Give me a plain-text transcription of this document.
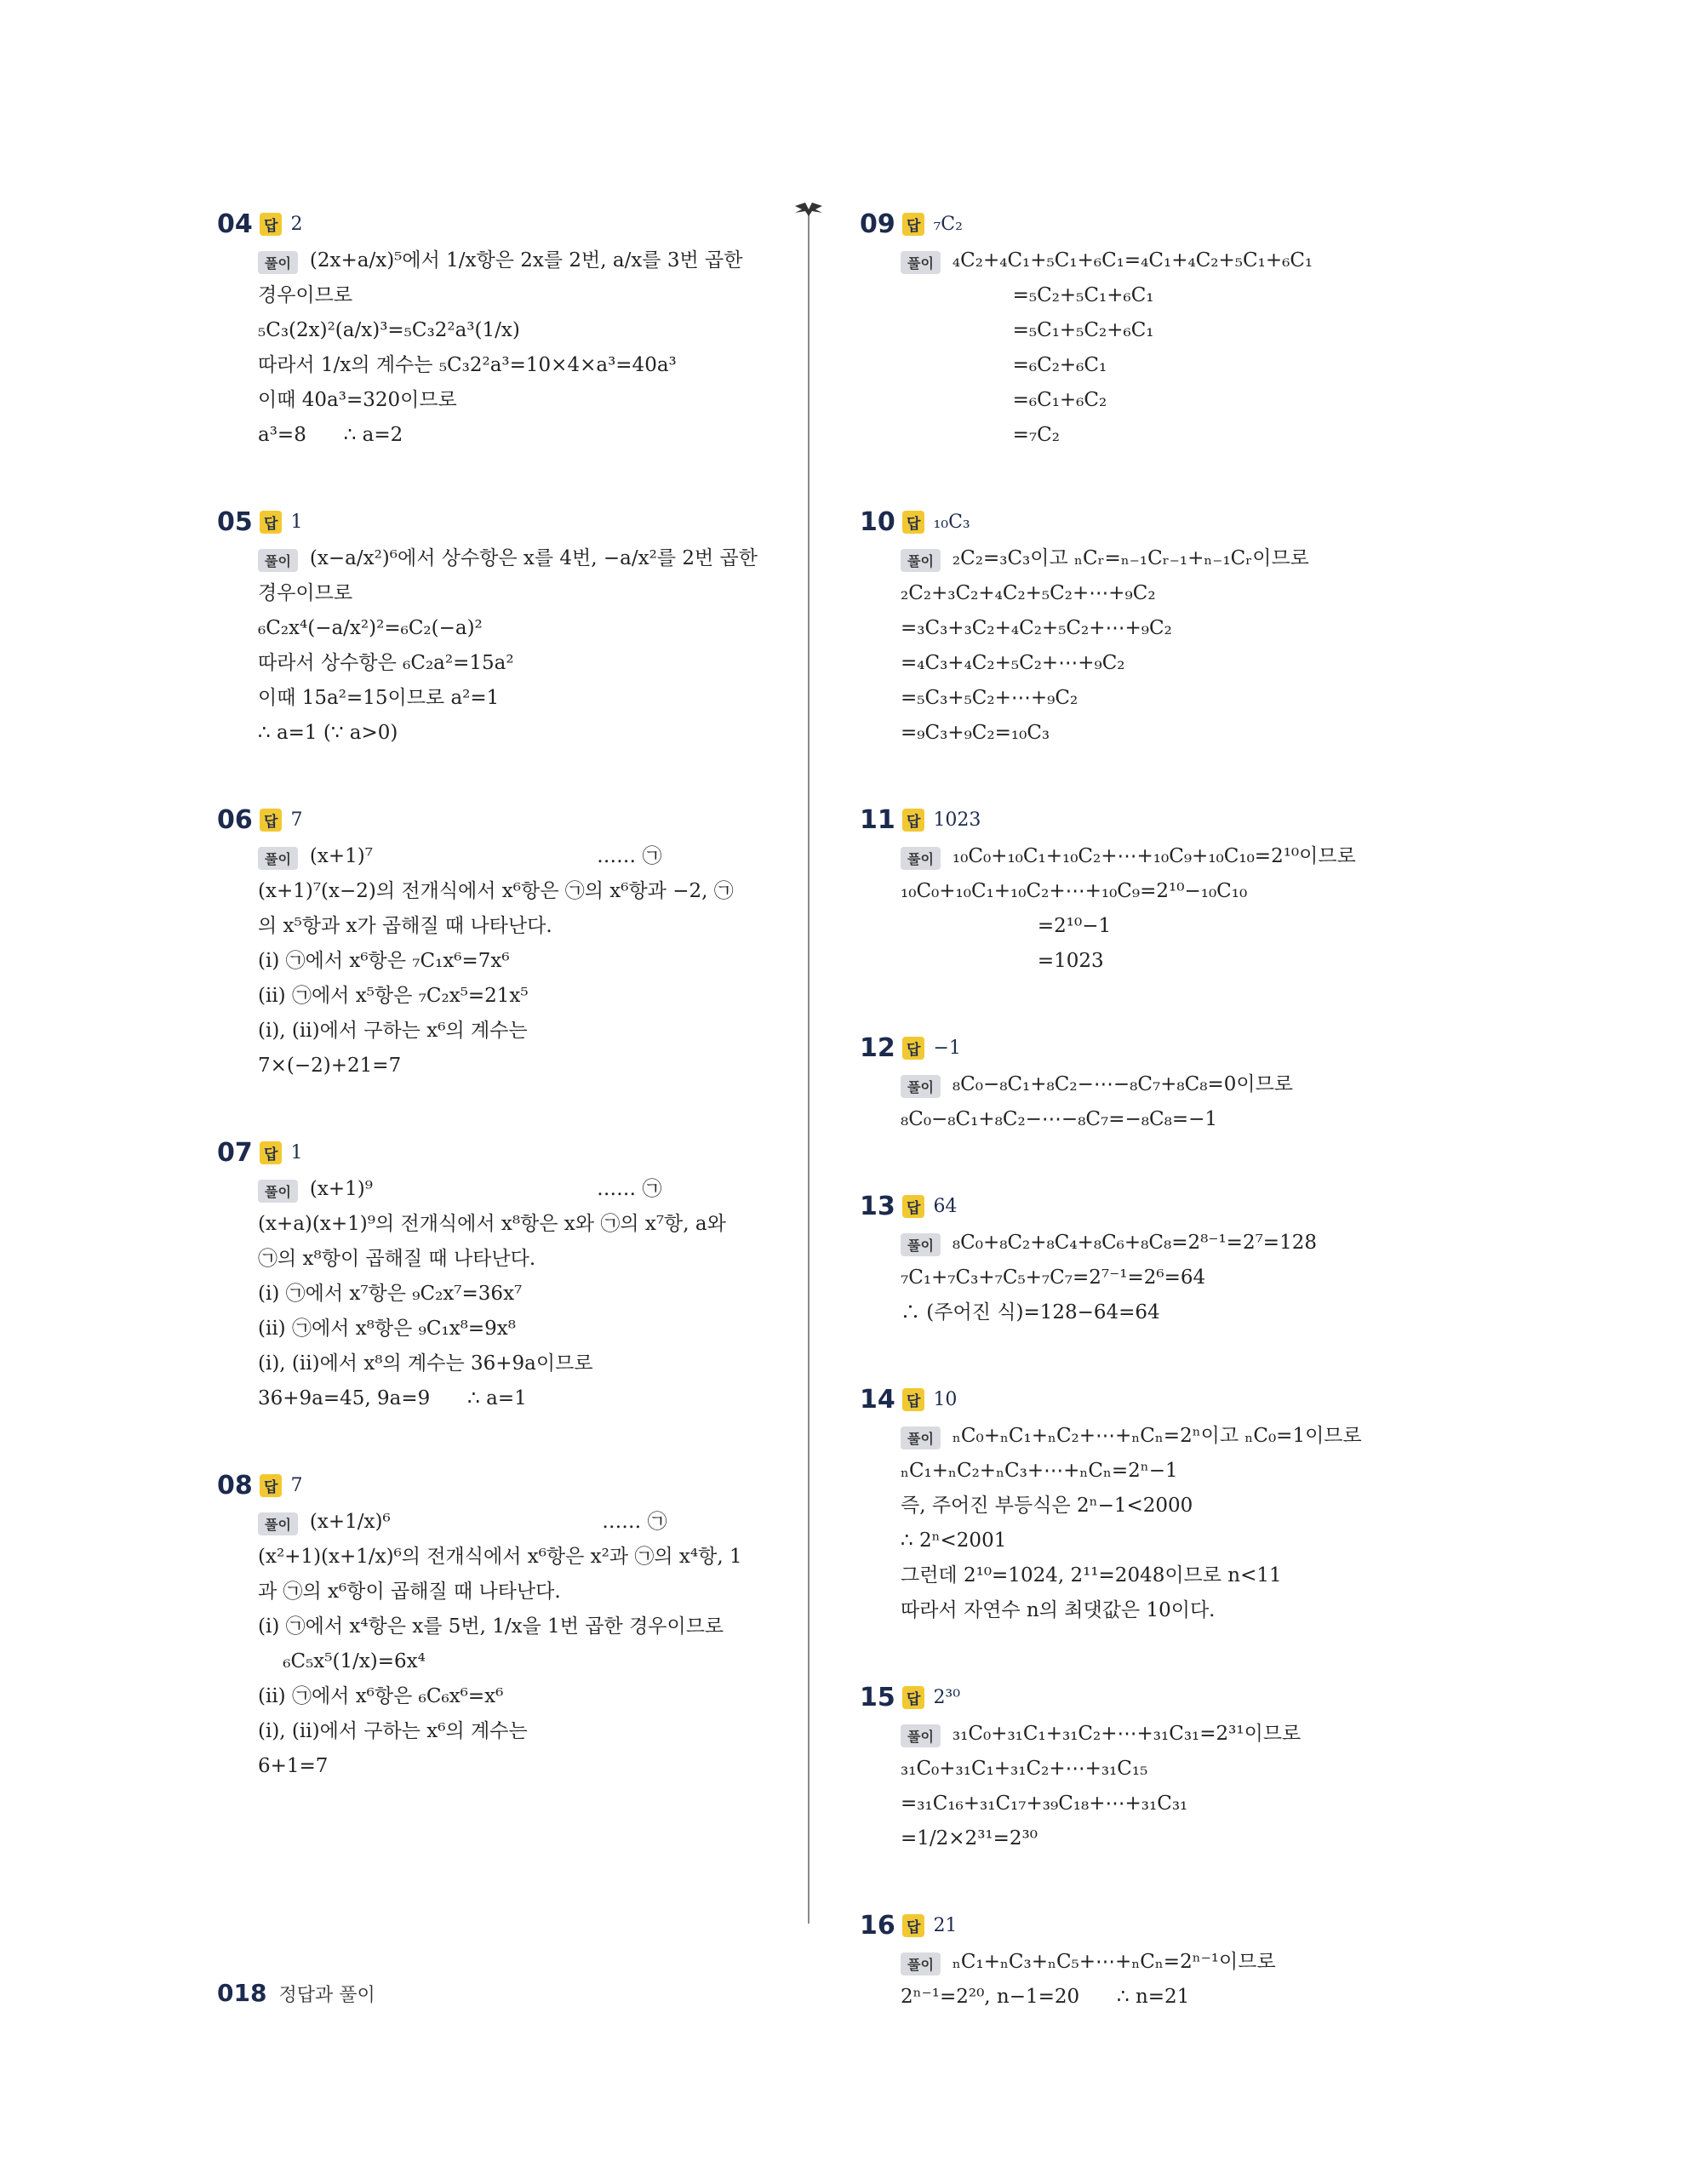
04 답 2
풀이 (2x+a/x)⁵에서 1/x항은 2x를 2번, a/x를 3번 곱한
경우이므로
₅C₃(2x)²(a/x)³=₅C₃2²a³(1/x)
따라서 1/x의 계수는 ₅C₃2²a³=10×4×a³=40a³
이때 40a³=320이므로
a³=8      ∴ a=2
05 답 1
풀이 (x−a/x²)⁶에서 상수항은 x를 4번, −a/x²를 2번 곱한
경우이므로
₆C₂x⁴(−a/x²)²=₆C₂(−a)²
따라서 상수항은 ₆C₂a²=15a²
이때 15a²=15이므로 a²=1
∴ a=1 (∵ a>0)
06 답 7
풀이 (x+1)⁷                                    …… ㉠
(x+1)⁷(x−2)의 전개식에서 x⁶항은 ㉠의 x⁶항과 −2, ㉠
의 x⁵항과 x가 곱해질 때 나타난다.
(ⅰ) ㉠에서 x⁶항은 ₇C₁x⁶=7x⁶
(ⅱ) ㉠에서 x⁵항은 ₇C₂x⁵=21x⁵
(ⅰ), (ⅱ)에서 구하는 x⁶의 계수는
7×(−2)+21=7
07 답 1
풀이 (x+1)⁹                                    …… ㉠
(x+a)(x+1)⁹의 전개식에서 x⁸항은 x와 ㉠의 x⁷항, a와
㉠의 x⁸항이 곱해질 때 나타난다.
(ⅰ) ㉠에서 x⁷항은 ₉C₂x⁷=36x⁷
(ⅱ) ㉠에서 x⁸항은 ₉C₁x⁸=9x⁸
(ⅰ), (ⅱ)에서 x⁸의 계수는 36+9a이므로
36+9a=45, 9a=9      ∴ a=1
08 답 7
풀이 (x+1/x)⁶                                  …… ㉠
(x²+1)(x+1/x)⁶의 전개식에서 x⁶항은 x²과 ㉠의 x⁴항, 1
과 ㉠의 x⁶항이 곱해질 때 나타난다.
(ⅰ) ㉠에서 x⁴항은 x를 5번, 1/x을 1번 곱한 경우이므로
₆C₅x⁵(1/x)=6x⁴
(ⅱ) ㉠에서 x⁶항은 ₆C₆x⁶=x⁶
(ⅰ), (ⅱ)에서 구하는 x⁶의 계수는
6+1=7
09 답 ₇C₂
풀이 ₄C₂+₄C₁+₅C₁+₆C₁=₄C₁+₄C₂+₅C₁+₆C₁
=₅C₂+₅C₁+₆C₁
=₅C₁+₅C₂+₆C₁
=₆C₂+₆C₁
=₆C₁+₆C₂
=₇C₂
10 답 ₁₀C₃
풀이 ₂C₂=₃C₃이고 ₙCᵣ=ₙ₋₁Cᵣ₋₁+ₙ₋₁Cᵣ이므로
₂C₂+₃C₂+₄C₂+₅C₂+⋯+₉C₂
=₃C₃+₃C₂+₄C₂+₅C₂+⋯+₉C₂
=₄C₃+₄C₂+₅C₂+⋯+₉C₂
=₅C₃+₅C₂+⋯+₉C₂
=₉C₃+₉C₂=₁₀C₃
11 답 1023
풀이 ₁₀C₀+₁₀C₁+₁₀C₂+⋯+₁₀C₉+₁₀C₁₀=2¹⁰이므로
₁₀C₀+₁₀C₁+₁₀C₂+⋯+₁₀C₉=2¹⁰−₁₀C₁₀
=2¹⁰−1
=1023
12 답 −1
풀이 ₈C₀−₈C₁+₈C₂−⋯−₈C₇+₈C₈=0이므로
₈C₀−₈C₁+₈C₂−⋯−₈C₇=−₈C₈=−1
13 답 64
풀이 ₈C₀+₈C₂+₈C₄+₈C₆+₈C₈=2⁸⁻¹=2⁷=128
₇C₁+₇C₃+₇C₅+₇C₇=2⁷⁻¹=2⁶=64
∴ (주어진 식)=128−64=64
14 답 10
풀이 ₙC₀+ₙC₁+ₙC₂+⋯+ₙCₙ=2ⁿ이고 ₙC₀=1이므로
ₙC₁+ₙC₂+ₙC₃+⋯+ₙCₙ=2ⁿ−1
즉, 주어진 부등식은 2ⁿ−1<2000
∴ 2ⁿ<2001
그런데 2¹⁰=1024, 2¹¹=2048이므로 n<11
따라서 자연수 n의 최댓값은 10이다.
15 답 2³⁰
풀이 ₃₁C₀+₃₁C₁+₃₁C₂+⋯+₃₁C₃₁=2³¹이므로
₃₁C₀+₃₁C₁+₃₁C₂+⋯+₃₁C₁₅
=₃₁C₁₆+₃₁C₁₇+₃₉C₁₈+⋯+₃₁C₃₁
=1/2×2³¹=2³⁰
16 답 21
풀이 ₙC₁+ₙC₃+ₙC₅+⋯+ₙCₙ=2ⁿ⁻¹이므로
2ⁿ⁻¹=2²⁰, n−1=20      ∴ n=21
018 정답과 풀이
